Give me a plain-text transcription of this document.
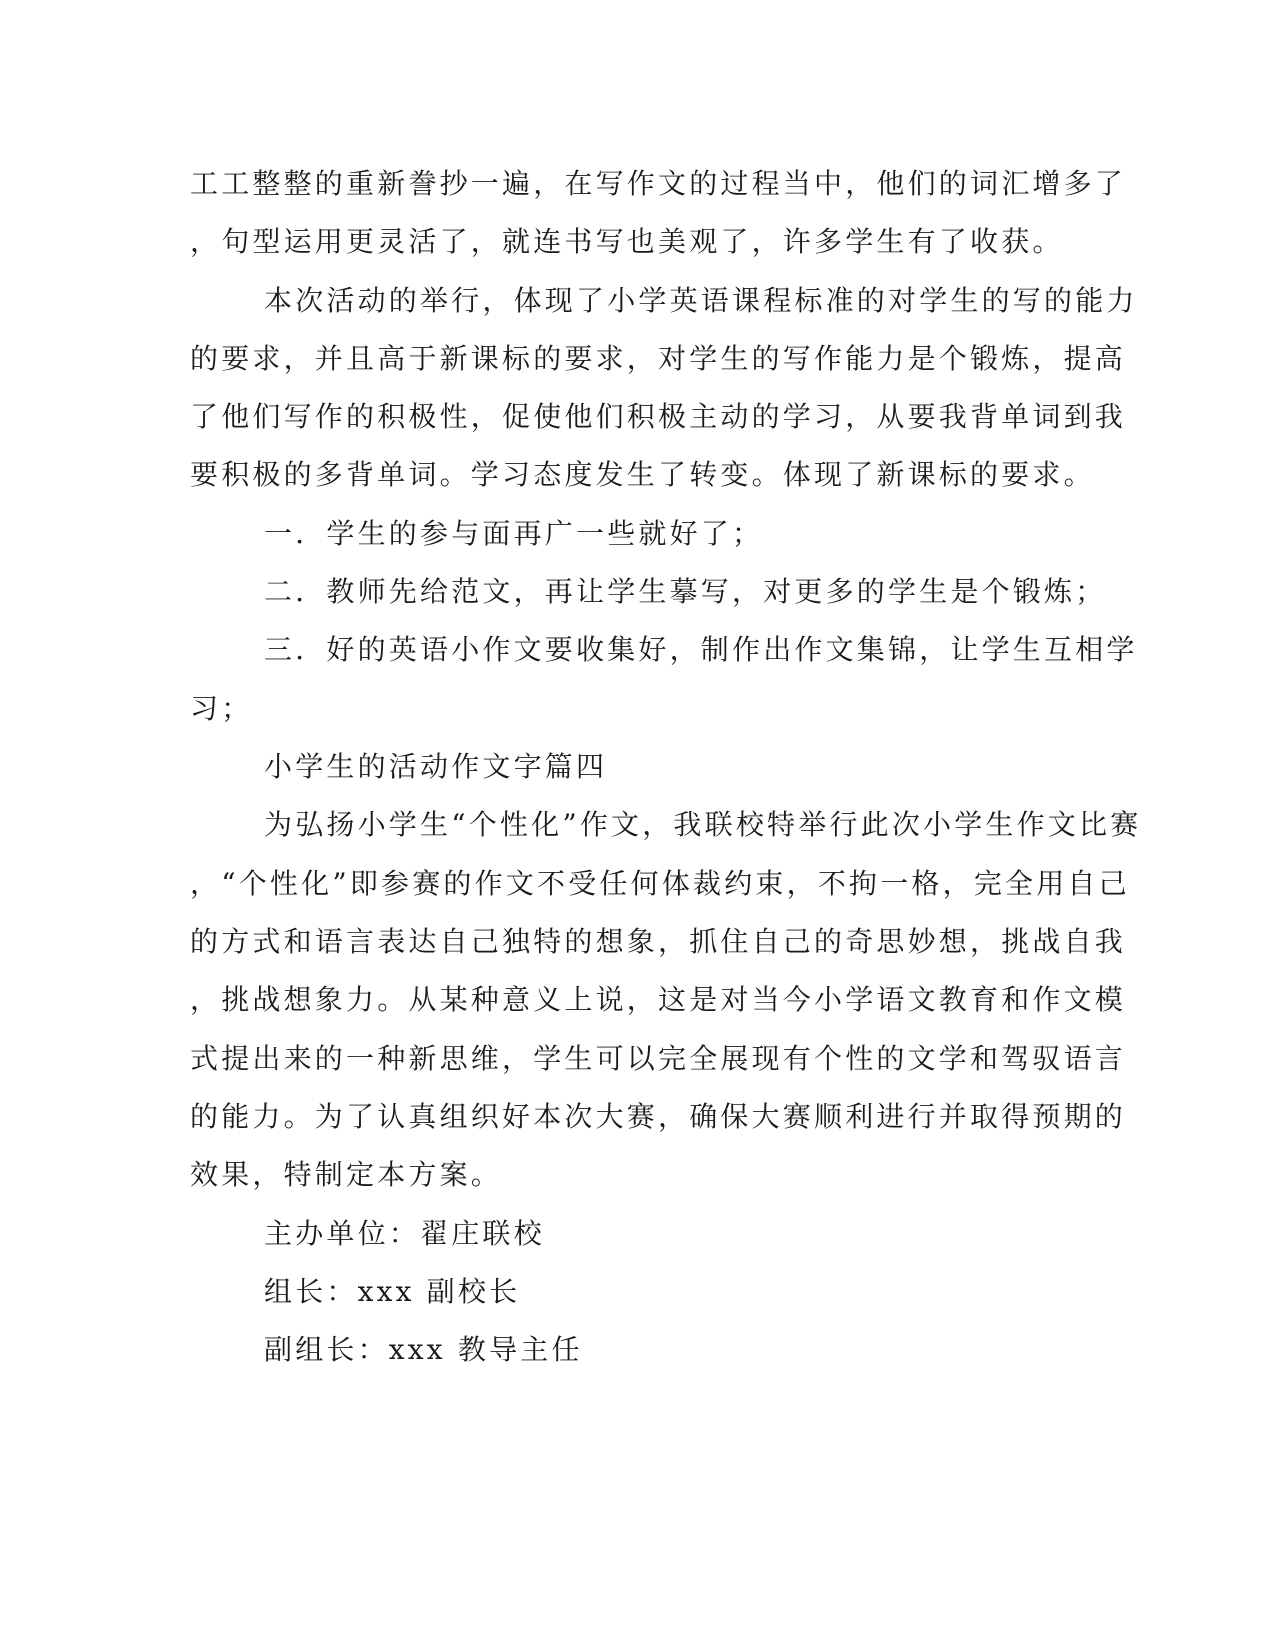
工工整整的重新誊抄一遍，在写作文的过程当中，他们的词汇增多了
，句型运用更灵活了，就连书写也美观了，许多学生有了收获。
本次活动的举行，体现了小学英语课程标准的对学生的写的能力
的要求，并且高于新课标的要求，对学生的写作能力是个锻炼，提高
了他们写作的积极性，促使他们积极主动的学习，从要我背单词到我
要积极的多背单词。学习态度发生了转变。体现了新课标的要求。
一．学生的参与面再广一些就好了；
二．教师先给范文，再让学生摹写，对更多的学生是个锻炼；
三．好的英语小作文要收集好，制作出作文集锦，让学生互相学
习；
小学生的活动作文字篇四
为弘扬小学生“个性化”作文，我联校特举行此次小学生作文比赛
，“个性化”即参赛的作文不受任何体裁约束，不拘一格，完全用自己
的方式和语言表达自己独特的想象，抓住自己的奇思妙想，挑战自我
，挑战想象力。从某种意义上说，这是对当今小学语文教育和作文模
式提出来的一种新思维，学生可以完全展现有个性的文学和驾驭语言
的能力。为了认真组织好本次大赛，确保大赛顺利进行并取得预期的
效果，特制定本方案。
主办单位：翟庄联校
组长：xxx 副校长
副组长：xxx 教导主任
